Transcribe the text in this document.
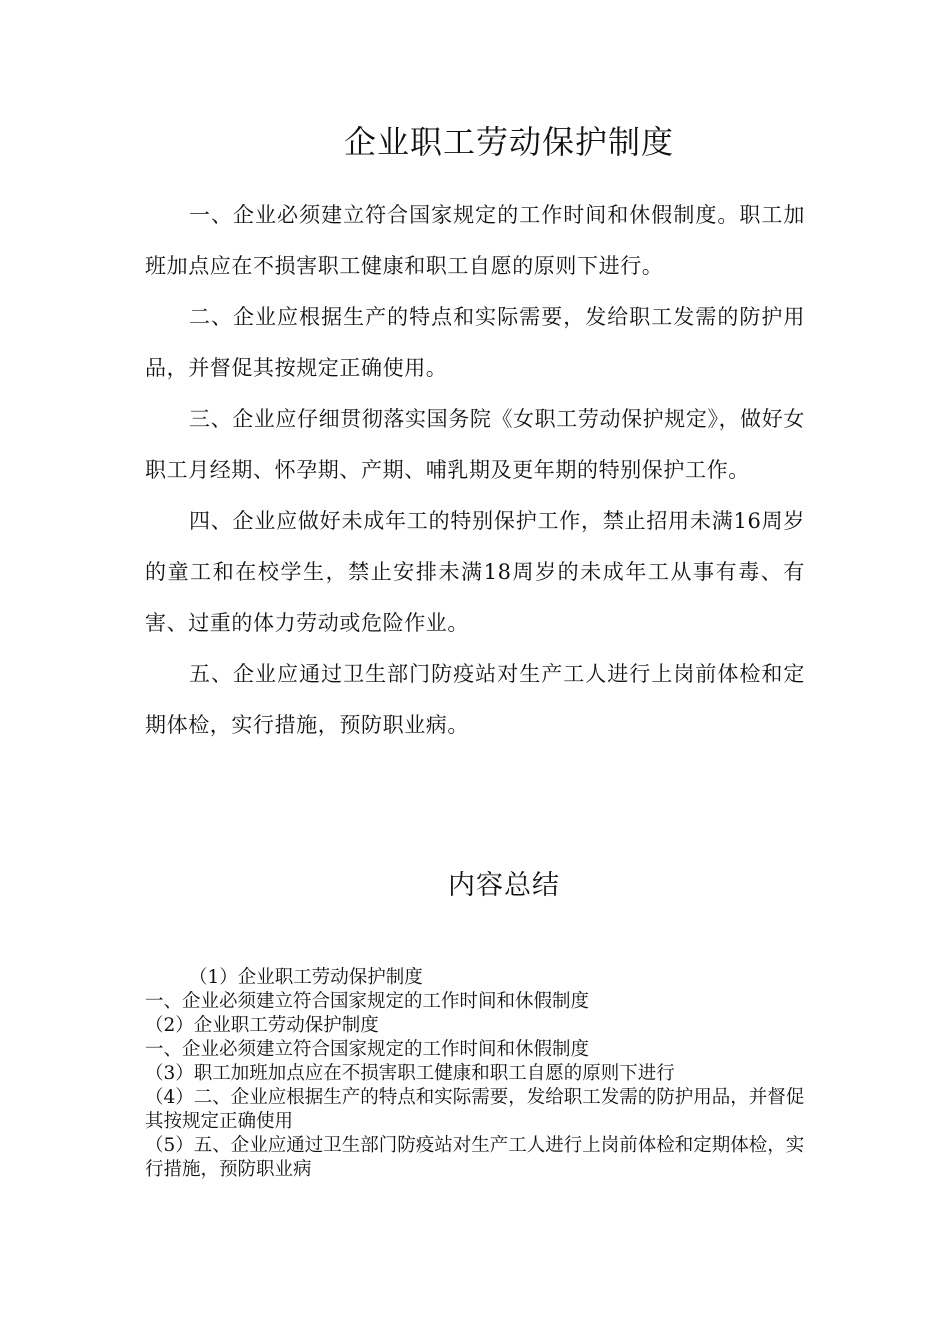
企业职工劳动保护制度

一、企业必须建立符合国家规定的工作时间和休假制度。职工加班加点应在不损害职工健康和职工自愿的原则下进行。

二、企业应根据生产的特点和实际需要，发给职工发需的防护用品，并督促其按规定正确使用。

三、企业应仔细贯彻落实国务院《女职工劳动保护规定》，做好女职工月经期、怀孕期、产期、哺乳期及更年期的特别保护工作。

四、企业应做好未成年工的特别保护工作，禁止招用未满16周岁的童工和在校学生，禁止安排未满18周岁的未成年工从事有毒、有害、过重的体力劳动或危险作业。

五、企业应通过卫生部门防疫站对生产工人进行上岗前体检和定期体检，实行措施，预防职业病。

内容总结
（1）企业职工劳动保护制度
一、企业必须建立符合国家规定的工作时间和休假制度
（2）企业职工劳动保护制度
一、企业必须建立符合国家规定的工作时间和休假制度
（3）职工加班加点应在不损害职工健康和职工自愿的原则下进行
（4）二、企业应根据生产的特点和实际需要，发给职工发需的防护用品，并督促其按规定正确使用
（5）五、企业应通过卫生部门防疫站对生产工人进行上岗前体检和定期体检，实行措施，预防职业病
